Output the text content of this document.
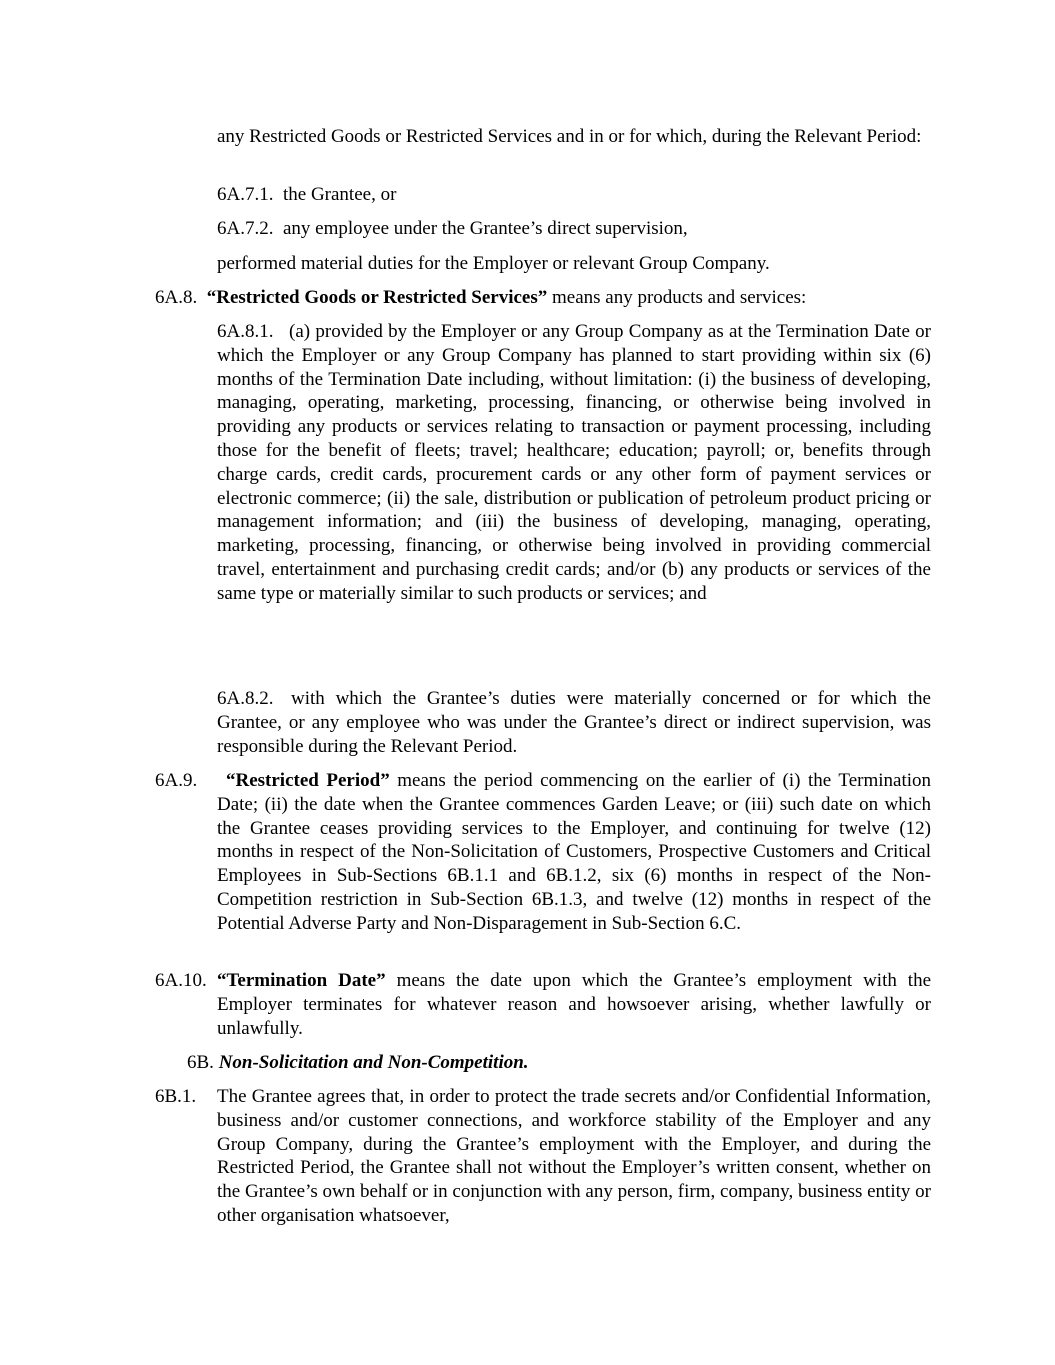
any Restricted Goods or Restricted Services and in or for which, during the Relevant Period:

6A.7.1. the Grantee, or
6A.7.2. any employee under the Grantee’s direct supervision,

performed material duties for the Employer or relevant Group Company.

6A.8. “Restricted Goods or Restricted Services” means any products and services:
6A.8.1. (a) provided by the Employer or any Group Company as at the Termination Date or which the Employer or any Group Company has planned to start providing within six (6) months of the Termination Date including, without limitation: (i) the business of developing, managing, operating, marketing, processing, financing, or otherwise being involved in providing any products or services relating to transaction or payment processing, including those for the benefit of fleets; travel; healthcare; education; payroll; or, benefits through charge cards, credit cards, procurement cards or any other form of payment services or electronic commerce; (ii) the sale, distribution or publication of petroleum product pricing or management information; and (iii) the business of developing, managing, operating, marketing, processing, financing, or otherwise being involved in providing commercial travel, entertainment and purchasing credit cards; and/or (b) any products or services of the same type or materially similar to such products or services; and
6A.8.2. with which the Grantee’s duties were materially concerned or for which the Grantee, or any employee who was under the Grantee’s direct or indirect supervision, was responsible during the Relevant Period.
6A.9.	“Restricted Period” means the period commencing on the earlier of (i) the Termination Date; (ii) the date when the Grantee commences Garden Leave; or (iii) such date on which the Grantee ceases providing services to the Employer, and continuing for twelve (12) months in respect of the Non-Solicitation of Customers, Prospective Customers and Critical Employees in Sub-Sections 6B.1.1 and 6B.1.2, six (6) months in respect of the Non-Competition restriction in Sub-Section 6B.1.3, and twelve (12) months in respect of the Potential Adverse Party and Non-Disparagement in Sub-Section 6.C.
6A.10. “Termination Date” means the date upon which the Grantee’s employment with the Employer terminates for whatever reason and howsoever arising, whether lawfully or unlawfully.
6B. Non-Solicitation and Non-Competition.
6B.1.	The Grantee agrees that, in order to protect the trade secrets and/or Confidential Information, business and/or customer connections, and workforce stability of the Employer and any Group Company, during the Grantee’s employment with the Employer, and during the Restricted Period, the Grantee shall not without the Employer’s written consent, whether on the Grantee’s own behalf or in conjunction with any person, firm, company, business entity or other organisation whatsoever,
